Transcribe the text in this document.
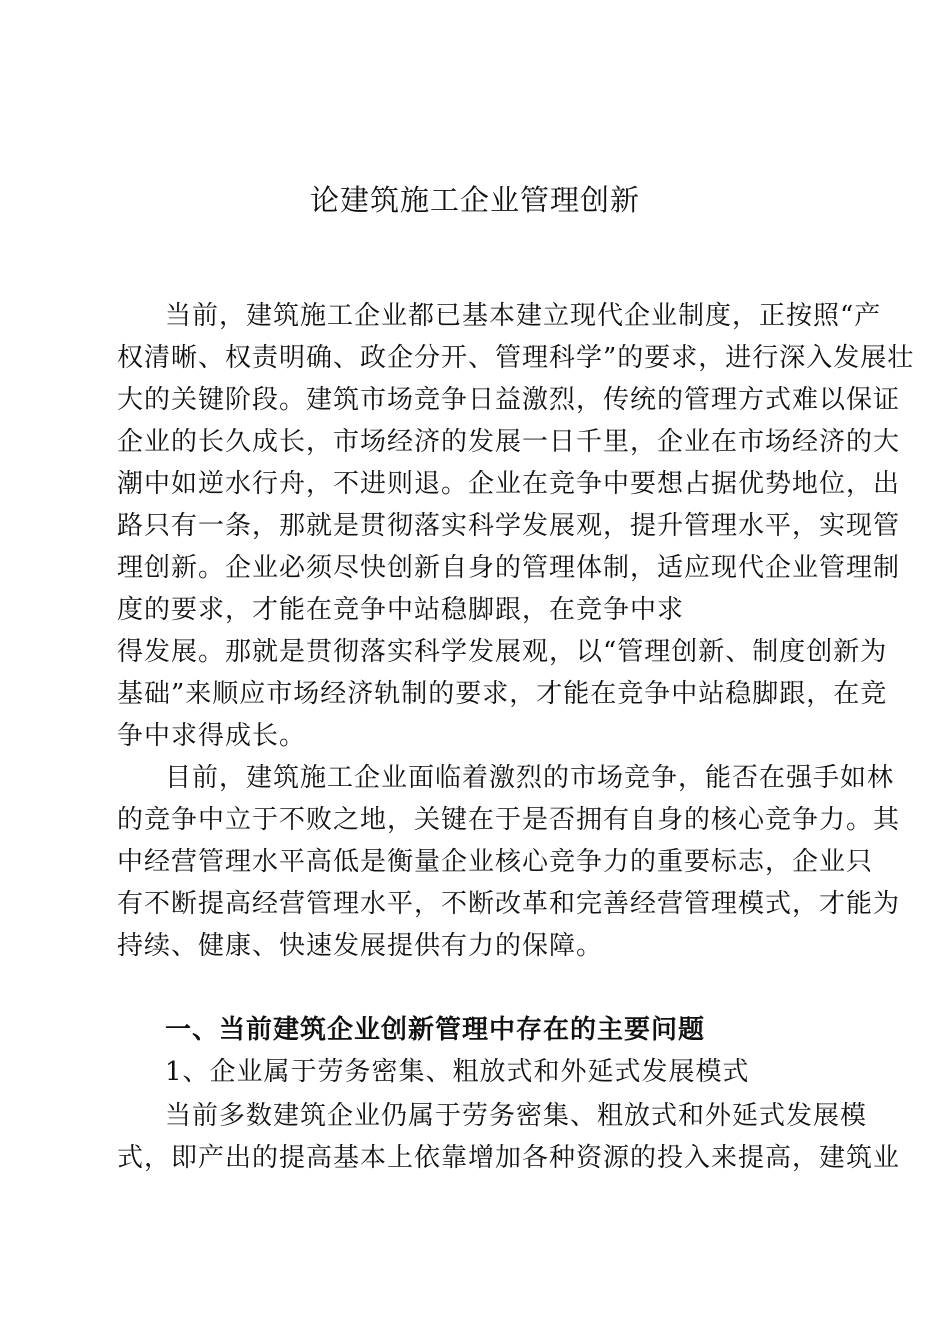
论建筑施工企业管理创新
当前，建筑施工企业都已基本建立现代企业制度，正按照“产
权清晰、权责明确、政企分开、管理科学”的要求，进行深入发展壮
大的关键阶段。建筑市场竞争日益激烈，传统的管理方式难以保证
企业的长久成长，市场经济的发展一日千里，企业在市场经济的大
潮中如逆水行舟，不进则退。企业在竞争中要想占据优势地位，出
路只有一条，那就是贯彻落实科学发展观，提升管理水平，实现管
理创新。企业必须尽快创新自身的管理体制，适应现代企业管理制
度的要求，才能在竞争中站稳脚跟，在竞争中求
得发展。那就是贯彻落实科学发展观，以“管理创新、制度创新为
基础”来顺应市场经济轨制的要求，才能在竞争中站稳脚跟，在竞
争中求得成长。
目前，建筑施工企业面临着激烈的市场竞争，能否在强手如林
的竞争中立于不败之地，关键在于是否拥有自身的核心竞争力。其
中经营管理水平高低是衡量企业核心竞争力的重要标志，企业只
有不断提高经营管理水平，不断改革和完善经营管理模式，才能为
持续、健康、快速发展提供有力的保障。
一、当前建筑企业创新管理中存在的主要问题
1、企业属于劳务密集、粗放式和外延式发展模式
当前多数建筑企业仍属于劳务密集、粗放式和外延式发展模
式，即产出的提高基本上依靠增加各种资源的投入来提高，建筑业
